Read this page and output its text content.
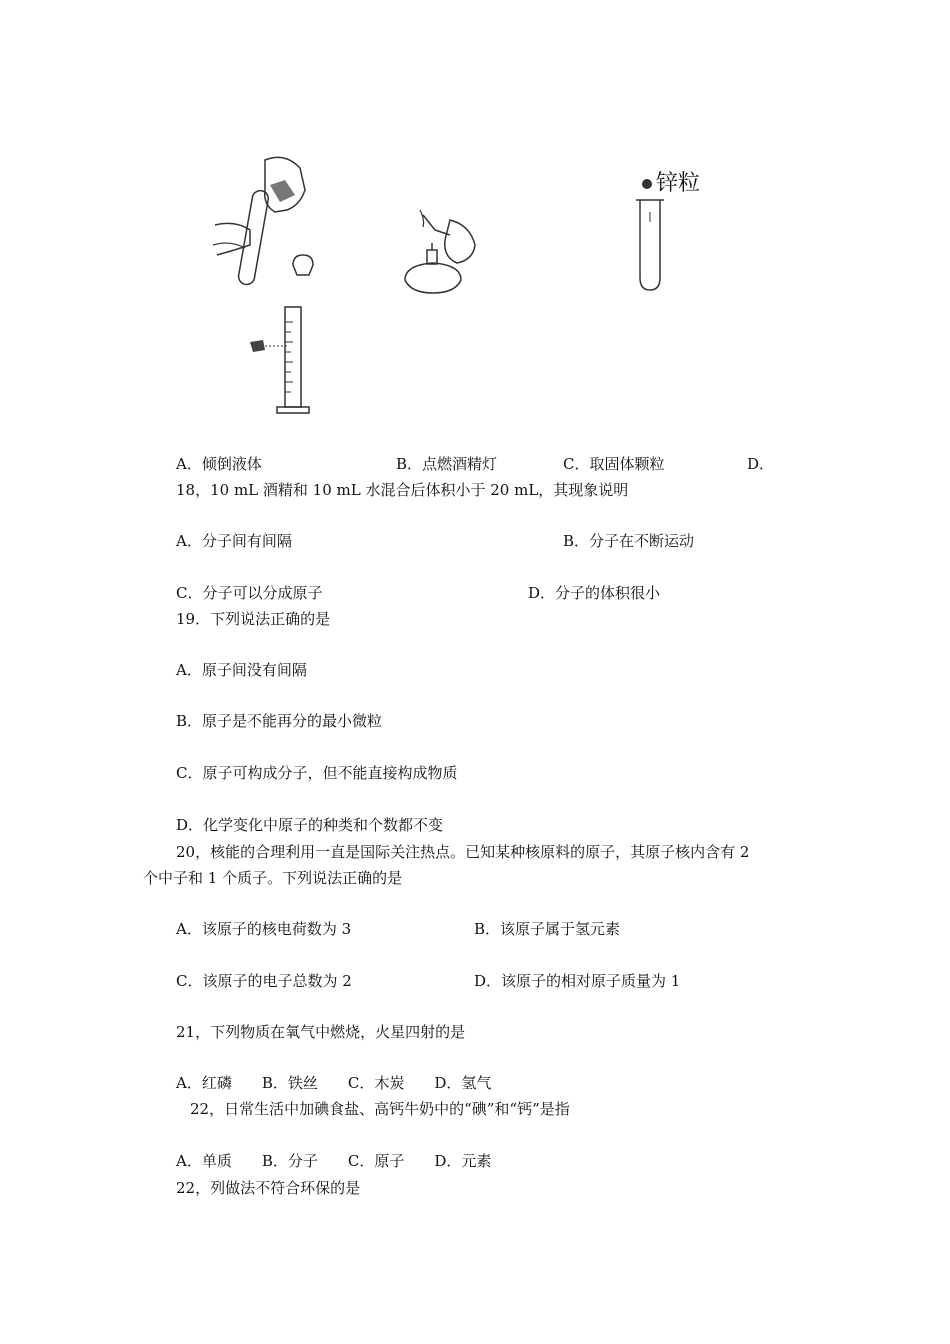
锌粒
A．倾倒液体	B．点燃酒精灯	C．取固体颗粒	D．
18，10 mL 酒精和 10 mL 水混合后体积小于 20 mL，其现象说明
A．分子间有间隔	B．分子在不断运动
C．分子可以分成原子	D．分子的体积很小
19．下列说法正确的是
A．原子间没有间隔
B．原子是不能再分的最小微粒
C．原子可构成分子，但不能直接构成物质
D．化学变化中原子的种类和个数都不变
20，核能的合理利用一直是国际关注热点。已知某种核原料的原子，其原子核内含有 2
个中子和 1 个质子。下列说法正确的是
A．该原子的核电荷数为 3	B．该原子属于氢元素
C．该原子的电子总数为 2	D．该原子的相对原子质量为 1
21，下列物质在氧气中燃烧，火星四射的是
A．红磷　　B．铁丝　　C．木炭　　D．氢气
22，日常生活中加碘食盐、高钙牛奶中的“碘”和“钙”是指
A．单质　　B．分子　　C．原子　　D．元素
22，列做法不符合环保的是
